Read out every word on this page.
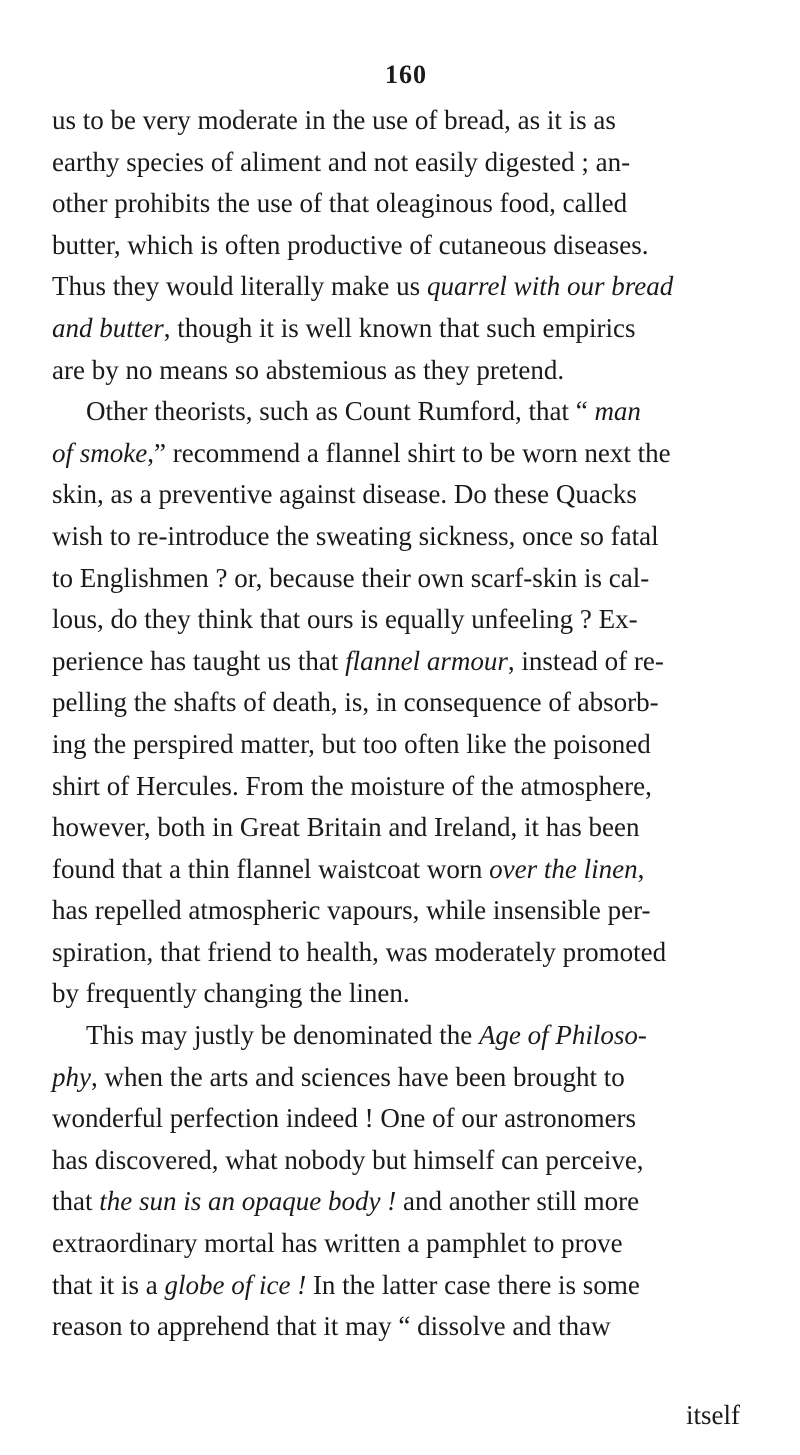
160
us to be very moderate in the use of bread, as it is as
earthy species of aliment and not easily digested ; an-
other prohibits the use of that oleaginous food, called
butter, which is often productive of cutaneous diseases.
Thus they would literally make us quarrel with our bread
and butter, though it is well known that such empirics
are by no means so abstemious as they pretend.
Other theorists, such as Count Rumford, that “ man
of smoke,” recommend a flannel shirt to be worn next the
skin, as a preventive against disease. Do these Quacks
wish to re-introduce the sweating sickness, once so fatal
to Englishmen ? or, because their own scarf-skin is cal-
lous, do they think that ours is equally unfeeling ? Ex-
perience has taught us that flannel armour, instead of re-
pelling the shafts of death, is, in consequence of absorb-
ing the perspired matter, but too often like the poisoned
shirt of Hercules. From the moisture of the atmosphere,
however, both in Great Britain and Ireland, it has been
found that a thin flannel waistcoat worn over the linen,
has repelled atmospheric vapours, while insensible per-
spiration, that friend to health, was moderately promoted
by frequently changing the linen.
This may justly be denominated the Age of Philoso-
phy, when the arts and sciences have been brought to
wonderful perfection indeed ! One of our astronomers
has discovered, what nobody but himself can perceive,
that the sun is an opaque body ! and another still more
extraordinary mortal has written a pamphlet to prove
that it is a globe of ice ! In the latter case there is some
reason to apprehend that it may “ dissolve and thaw
itself
